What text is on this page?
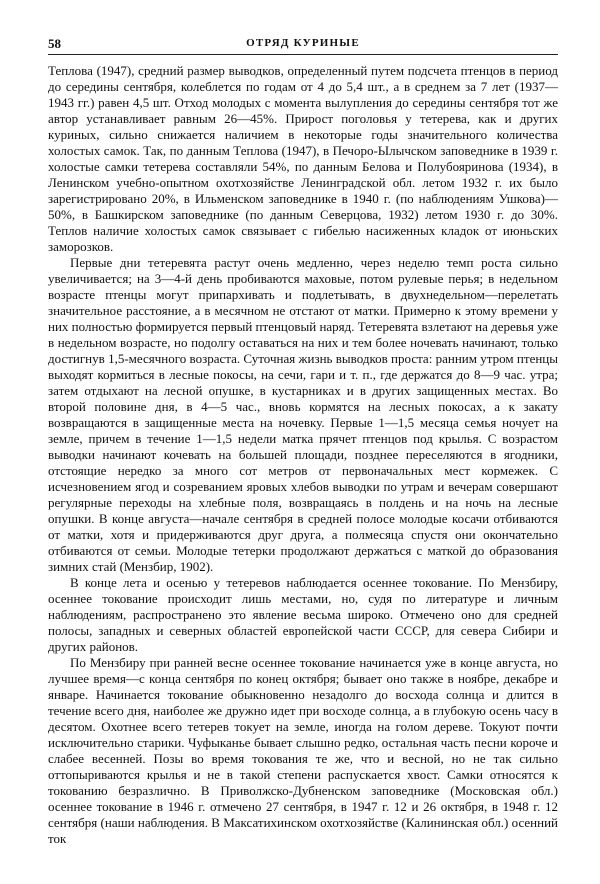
58	ОТРЯД КУРИНЫЕ

Теплова (1947), средний размер выводков, определенный путем подсчета птенцов в период до середины сентября, колеблется по годам от 4 до 5,4 шт., а в среднем за 7 лет (1937—1943 гг.) равен 4,5 шт. Отход молодых с момента вылупления до середины сентября тот же автор устанавливает равным 26—45%. Прирост поголовья у тетерева, как и других куриных, сильно снижается наличием в некоторые годы значительного количества холостых самок. Так, по данным Теплова (1947), в Печоро-Ылычском заповеднике в 1939 г. холостые самки тетерева составляли 54%, по данным Белова и Полубояринова (1934), в Ленинском учебно-опытном охотхозяйстве Ленинградской обл. летом 1932 г. их было зарегистрировано 20%, в Ильменском заповеднике в 1940 г. (по наблюдениям Ушкова)—50%, в Башкирском заповеднике (по данным Северцова, 1932) летом 1930 г. до 30%. Теплов наличие холостых самок связывает с гибелью насиженных кладок от июньских заморозков.

Первые дни тетеревята растут очень медленно, через неделю темп роста сильно увеличивается; на 3—4-й день пробиваются маховые, потом рулевые перья; в недельном возрасте птенцы могут припархивать и подлетывать, в двухнедельном—перелетать значительное расстояние, а в месячном не отстают от матки. Примерно к этому времени у них полностью формируется первый птенцовый наряд. Тетеревята взлетают на деревья уже в недельном возрасте, но подолгу оставаться на них и тем более ночевать начинают, только достигнув 1,5-месячного возраста. Суточная жизнь выводков проста: ранним утром птенцы выходят кормиться в лесные покосы, на сечи, гари и т. п., где держатся до 8—9 час. утра; затем отдыхают на лесной опушке, в кустарниках и в других защищенных местах. Во второй половине дня, в 4—5 час., вновь кормятся на лесных покосах, а к закату возвращаются в защищенные места на ночевку. Первые 1—1,5 месяца семья ночует на земле, причем в течение 1—1,5 недели матка прячет птенцов под крылья. С возрастом выводки начинают кочевать на большей площади, позднее переселяются в ягодники, отстоящие нередко за много сот метров от первоначальных мест кормежек. С исчезновением ягод и созреванием яровых хлебов выводки по утрам и вечерам совершают регулярные переходы на хлебные поля, возвращаясь в полдень и на ночь на лесные опушки. В конце августа—начале сентября в средней полосе молодые косачи отбиваются от матки, хотя и придерживаются друг друга, а полмесяца спустя они окончательно отбиваются от семьи. Молодые тетерки продолжают держаться с маткой до образования зимних стай (Мензбир, 1902).

В конце лета и осенью у тетеревов наблюдается осеннее токование. По Мензбиру, осеннее токование происходит лишь местами, но, судя по литературе и личным наблюдениям, распространено это явление весьма широко. Отмечено оно для средней полосы, западных и северных областей европейской части СССР, для севера Сибири и других районов.

По Мензбиру при ранней весне осеннее токование начинается уже в конце августа, но лучшее время—с конца сентября по конец октября; бывает оно также в ноябре, декабре и январе. Начинается токование обыкновенно незадолго до восхода солнца и длится в течение всего дня, наиболее же дружно идет при восходе солнца, а в глубокую осень часу в десятом. Охотнее всего тетерев токует на земле, иногда на голом дереве. Токуют почти исключительно старики. Чуфыканье бывает слышно редко, остальная часть песни короче и слабее весенней. Позы во время токования те же, что и весной, но не так сильно оттопыриваются крылья и не в такой степени распускается хвост. Самки относятся к токованию безразлично. В Приволжско-Дубненском заповеднике (Московская обл.) осеннее токование в 1946 г. отмечено 27 сентября, в 1947 г. 12 и 26 октября, в 1948 г. 12 сентября (наши наблюдения. В Максатихинском охотхозяйстве (Калининская обл.) осенний ток
